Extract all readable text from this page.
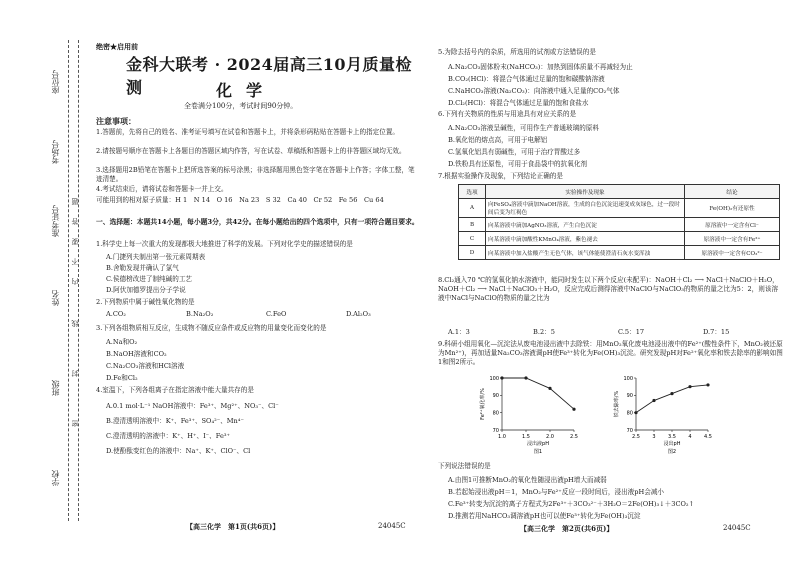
学校
班级
姓名
准考证号
考场号
座位号
密
封
线
内
不
要
答
题
绝密★启用前
金科大联考 · 2024届高三10月质量检测	化学
全卷满分100分，考试时间90分钟。
注意事项：
1.答题前，先将自己的姓名、准考证号填写在试卷和答题卡上，并将条形码粘贴在答题卡上的指定位置。
2.请按题号顺序在答题卡上各题目的答题区域内作答，写在试卷、草稿纸和答题卡上的非答题区域均无效。
3.选择题用2B铅笔在答题卡上把所选答案的标号涂黑；非选择题用黑色签字笔在答题卡上作答；字体工整，笔迹清楚。
4.考试结束后，请将试卷和答题卡一并上交。
可能用到的相对原子质量：H 1　N 14　O 16　Na 23　S 32　Ca 40　Cr 52　Fe 56　Cu 64
一、选择题：本题共14小题，每小题3分，共42分。在每小题给出的四个选项中，只有一项符合题目要求。
1.科学史上每一次重大的发现都极大地推进了科学的发展。下列对化学史的描述错误的是
A.门捷列夫制出第一张元素周期表
B.舍勒发现并确认了氯气
C.侯德榜改进了制纯碱的工艺
D.阿伏加德罗提出分子学说
2.下列物质中属于碱性氧化物的是
A.CO₂	B.Na₂O₂	C.FeO	D.Al₂O₃
3.下列各组物质相互反应，生成物不随反应条件或反应物的用量变化而变化的是
A.Na和O₂
B.NaOH溶液和CO₂
C.Na₂CO₃溶液和HCl溶液
D.Fe和Cl₂
4.室温下，下列各组离子在指定溶液中能大量共存的是
A.0.1 mol·L⁻¹ NaOH溶液中：Fe³⁺、Mg²⁺、NO₃⁻、Cl⁻
B.澄清透明溶液中：K⁺、Fe³⁺、SO₄²⁻、Mn⁴⁻
C.澄清透明的溶液中：K⁺、H⁺、I⁻、Fe³⁺
D.使酚酞变红色的溶液中：Na⁺、K⁺、ClO⁻、Cl
【高三化学　第1页(共6页)】	24045C
5.为除去括号内的杂质，所选用的试剂或方法错误的是
A.Na₂CO₃固体粉末(NaHCO₃)：加热到固体质量不再减轻为止
B.CO₂(HCl)：将混合气体通过足量的饱和碳酸钠溶液
C.NaHCO₃溶液(Na₂CO₃)：向溶液中通入足量的CO₂气体
D.Cl₂(HCl)：将混合气体通过足量的饱和食盐水
6.下列有关物质的性质与用途具有对应关系的是
A.Na₂CO₃溶液呈碱性，可用作生产普通玻璃的原料
B.氧化铝的熔点高，可用于电解铝
C.氢氧化铝具有弱碱性，可用于治疗胃酸过多
D.铁粉具有还原性，可用于食品袋中的抗氧化剂
7.根据实验操作及现象，下列结论正确的是
选项	实验操作及现象	结论
A	向FeSO₄溶液中滴加NaOH溶液，生成的白色沉淀迅速变成灰绿色，过一段时间后变为红褐色	Fe(OH)₂有还原性
B	向某溶液中滴加AgNO₃溶液，产生白色沉淀	原溶液中一定含有Cl⁻
C	向某溶液中滴加酸性KMnO₄溶液，紫色褪去	原溶液中一定含有Fe²⁺
D	向某溶液中加入盐酸产生无色气体，该气体能使澄清石灰水变浑浊	原溶液中一定含有CO₃²⁻
8.Cl₂通入70 ℃的氢氧化钠水溶液中，能同时发生以下两个反应(未配平)：NaOH＋Cl₂ ⟶ NaCl＋NaClO＋H₂O，NaOH＋Cl₂ ⟶ NaCl＋NaClO₃＋H₂O，反应完成后测得溶液中NaClO与NaClO₃的物质的量之比为5：2，则该溶液中NaCl与NaClO的物质的量之比为
A.1：3	B.2：5	C.5：17	D.7：15
9.科研小组用氧化—沉淀法从废电池浸出液中去除铁：用MnO₂氧化废电池浸出液中的Fe²⁺(酸性条件下，MnO₂被还原为Mn²⁺)，再加适量Na₂CO₃溶液调pH使Fe³⁺转化为Fe(OH)₃沉淀。研究发现pH对Fe²⁺氧化率和铁去除率的影响如图1和图2所示。
1.0	1.5	2.0	2.5
70
80
90
100
浸出液pH
图1
Fe²⁺氧化率/%
2.5 3 3.5 4 4.5
70
80
90
100
浸出pH
图2
铁去除率/%
下列说法错误的是
A.由图1可推断MnO₂的氧化性随浸出液pH增大而减弱
B.若起始浸出液pH＝1，MnO₂与Fe²⁺反应一段时间后，浸出液pH会减小
C.Fe³⁺转变为沉淀的离子方程式为2Fe³⁺＋3CO₃²⁻＋3H₂O＝2Fe(OH)₃↓＋3CO₂↑
D.推测若用NaHCO₃调溶液pH也可以使Fe³⁺转化为Fe(OH)₃沉淀
【高三化学　第2页(共6页)】	24045C
